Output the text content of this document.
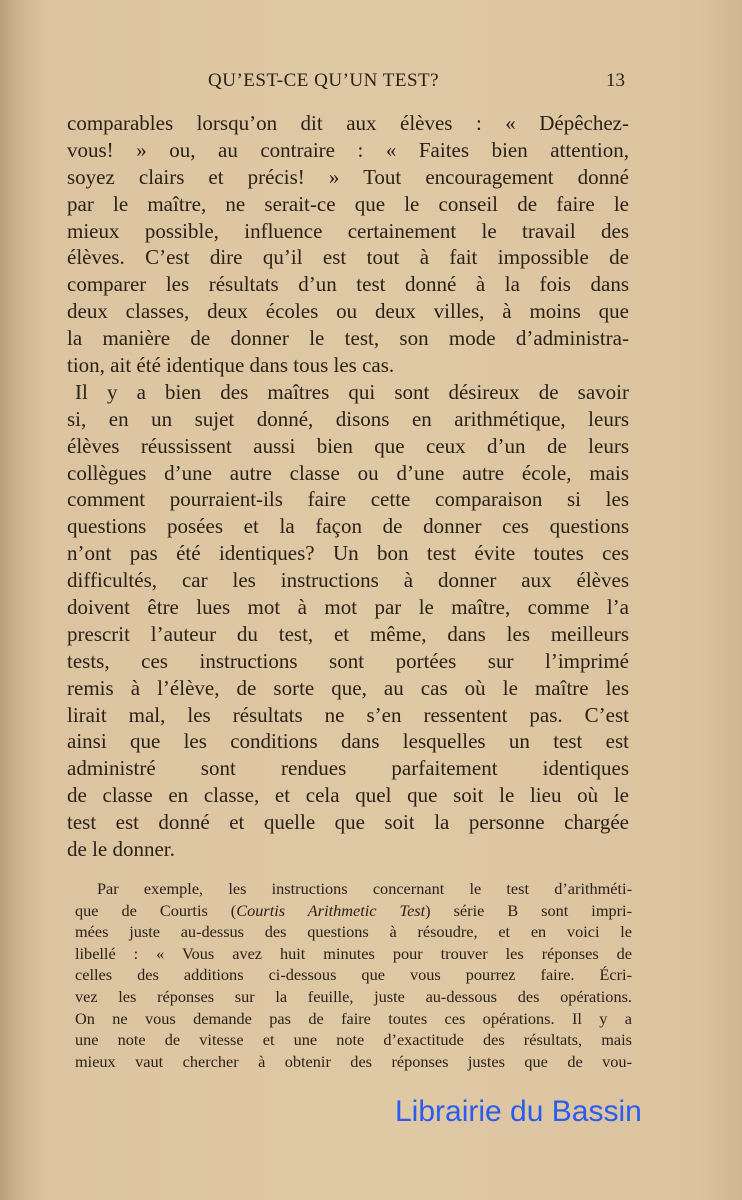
QU’EST-CE QU’UN TEST?	13
comparables lorsqu’on dit aux élèves : « Dépêchez-
vous! » ou, au contraire : « Faites bien attention,
soyez clairs et précis! » Tout encouragement donné
par le maître, ne serait-ce que le conseil de faire le
mieux possible, influence certainement le travail des
élèves. C’est dire qu’il est tout à fait impossible de
comparer les résultats d’un test donné à la fois dans
deux classes, deux écoles ou deux villes, à moins que
la manière de donner le test, son mode d’administra-
tion, ait été identique dans tous les cas.
Il y a bien des maîtres qui sont désireux de savoir
si, en un sujet donné, disons en arithmétique, leurs
élèves réussissent aussi bien que ceux d’un de leurs
collègues d’une autre classe ou d’une autre école, mais
comment pourraient-ils faire cette comparaison si les
questions posées et la façon de donner ces questions
n’ont pas été identiques? Un bon test évite toutes ces
difficultés, car les instructions à donner aux élèves
doivent être lues mot à mot par le maître, comme l’a
prescrit l’auteur du test, et même, dans les meilleurs
tests, ces instructions sont portées sur l’imprimé
remis à l’élève, de sorte que, au cas où le maître les
lirait mal, les résultats ne s’en ressentent pas. C’est
ainsi que les conditions dans lesquelles un test est
administré sont rendues parfaitement identiques
de classe en classe, et cela quel que soit le lieu où le
test est donné et quelle que soit la personne chargée
de le donner.
Par exemple, les instructions concernant le test d’arithméti-
que de Courtis (Courtis Arithmetic Test) série B sont impri-
mées juste au-dessus des questions à résoudre, et en voici le
libellé : « Vous avez huit minutes pour trouver les réponses de
celles des additions ci-dessous que vous pourrez faire. Écri-
vez les réponses sur la feuille, juste au-dessous des opérations.
On ne vous demande pas de faire toutes ces opérations. Il y a
une note de vitesse et une note d’exactitude des résultats, mais
mieux vaut chercher à obtenir des réponses justes que de vou-
Librairie du Bassin
